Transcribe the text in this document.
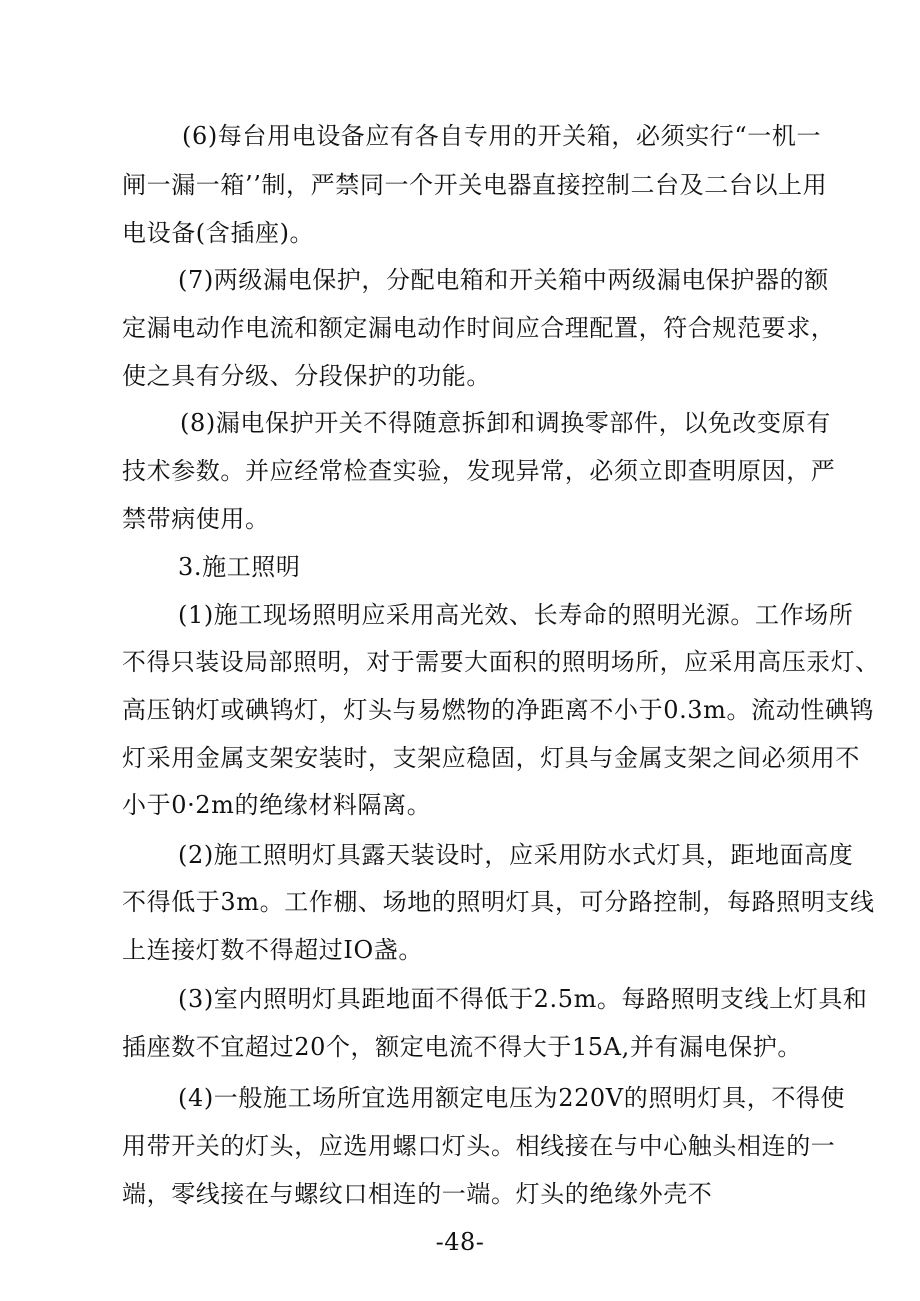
(6)每台用电设备应有各自专用的开关箱，必须实行“一机一
闸一漏一箱’’制，严禁同一个开关电器直接控制二台及二台以上用
电设备(含插座)。
(7)两级漏电保护，分配电箱和开关箱中两级漏电保护器的额
定漏电动作电流和额定漏电动作时间应合理配置，符合规范要求，
使之具有分级、分段保护的功能。
(8)漏电保护开关不得随意拆卸和调换零部件，以免改变原有
技术参数。并应经常检查实验，发现异常，必须立即查明原因，严
禁带病使用。
3.施工照明
(1)施工现场照明应采用高光效、长寿命的照明光源。工作场所
不得只装设局部照明，对于需要大面积的照明场所，应采用高压汞灯、
高压钠灯或碘鸨灯，灯头与易燃物的净距离不小于0.3m。流动性碘鸨
灯采用金属支架安装时，支架应稳固，灯具与金属支架之间必须用不
小于0·2m的绝缘材料隔离。
(2)施工照明灯具露天装设时，应采用防水式灯具，距地面高度
不得低于3m。工作棚、场地的照明灯具，可分路控制，每路照明支线
上连接灯数不得超过IO盏。
(3)室内照明灯具距地面不得低于2.5m。每路照明支线上灯具和
插座数不宜超过20个，额定电流不得大于15A,并有漏电保护。
(4)一般施工场所宜选用额定电压为220V的照明灯具，不得使
用带开关的灯头，应选用螺口灯头。相线接在与中心触头相连的一
端，零线接在与螺纹口相连的一端。灯头的绝缘外壳不
-48-
